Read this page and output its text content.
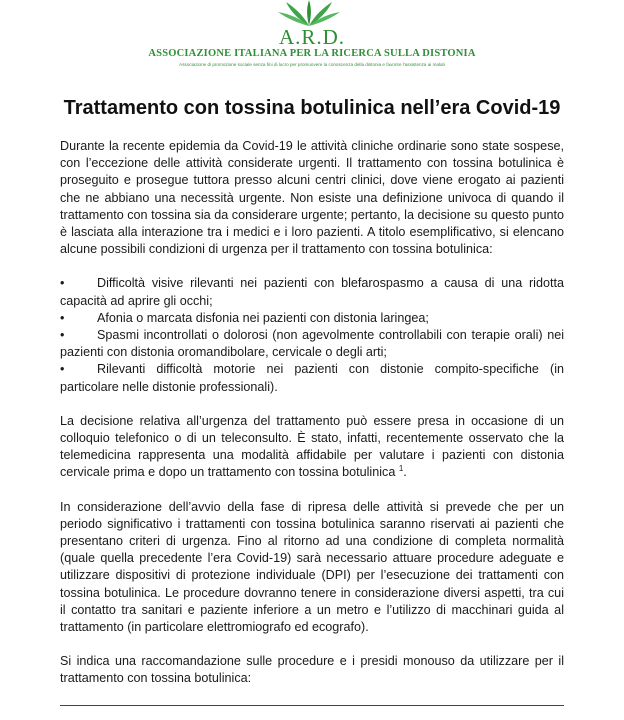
A.R.D.
ASSOCIAZIONE ITALIANA PER LA RICERCA SULLA DISTONIA
Associazione di promozione sociale senza fini di lucro per promuovere la conoscenza della distonia e favorire l'assistenza ai malati
Trattamento con tossina botulinica nell’era Covid-19

Durante la recente epidemia da Covid-19 le attività cliniche ordinarie sono state sospese, con l’eccezione delle attività considerate urgenti. Il trattamento con tossina botulinica è proseguito e prosegue tuttora presso alcuni centri clinici, dove viene erogato ai pazienti che ne abbiano una necessità urgente. Non esiste una definizione univoca di quando il trattamento con tossina sia da considerare urgente; pertanto, la decisione su questo punto è lasciata alla interazione tra i medici e i loro pazienti. A titolo esemplificativo, si elencano alcune possibili condizioni di urgenza per il trattamento con tossina botulinica:

•	Difficoltà visive rilevanti nei pazienti con blefarospasmo a causa di una ridotta capacità ad aprire gli occhi;
•	Afonia o marcata disfonia nei pazienti con distonia laringea;
•	Spasmi incontrollati o dolorosi (non agevolmente controllabili con terapie orali) nei pazienti con distonia oromandibolare, cervicale o degli arti;
•	Rilevanti difficoltà motorie nei pazienti con distonie compito-specifiche (in particolare nelle distonie professionali).

La decisione relativa all’urgenza del trattamento può essere presa in occasione di un colloquio telefonico o di un teleconsulto. È stato, infatti, recentemente osservato che la telemedicina rappresenta una modalità affidabile per valutare i pazienti con distonia cervicale prima e dopo un trattamento con tossina botulinica $^1$.

In considerazione dell’avvio della fase di ripresa delle attività si prevede che per un periodo significativo i trattamenti con tossina botulinica saranno riservati ai pazienti che presentano criteri di urgenza. Fino al ritorno ad una condizione di completa normalità (quale quella precedente l’era Covid-19) sarà necessario attuare procedure adeguate e utilizzare dispositivi di protezione individuale (DPI) per l’esecuzione dei trattamenti con tossina botulinica. Le procedure dovranno tenere in considerazione diversi aspetti, tra cui il contatto tra sanitari e paziente inferiore a un metro e l’utilizzo di macchinari guida al trattamento (in particolare elettromiografo ed ecografo).

Si indica una raccomandazione sulle procedure e i presidi monouso da utilizzare per il trattamento con tossina botulinica:
